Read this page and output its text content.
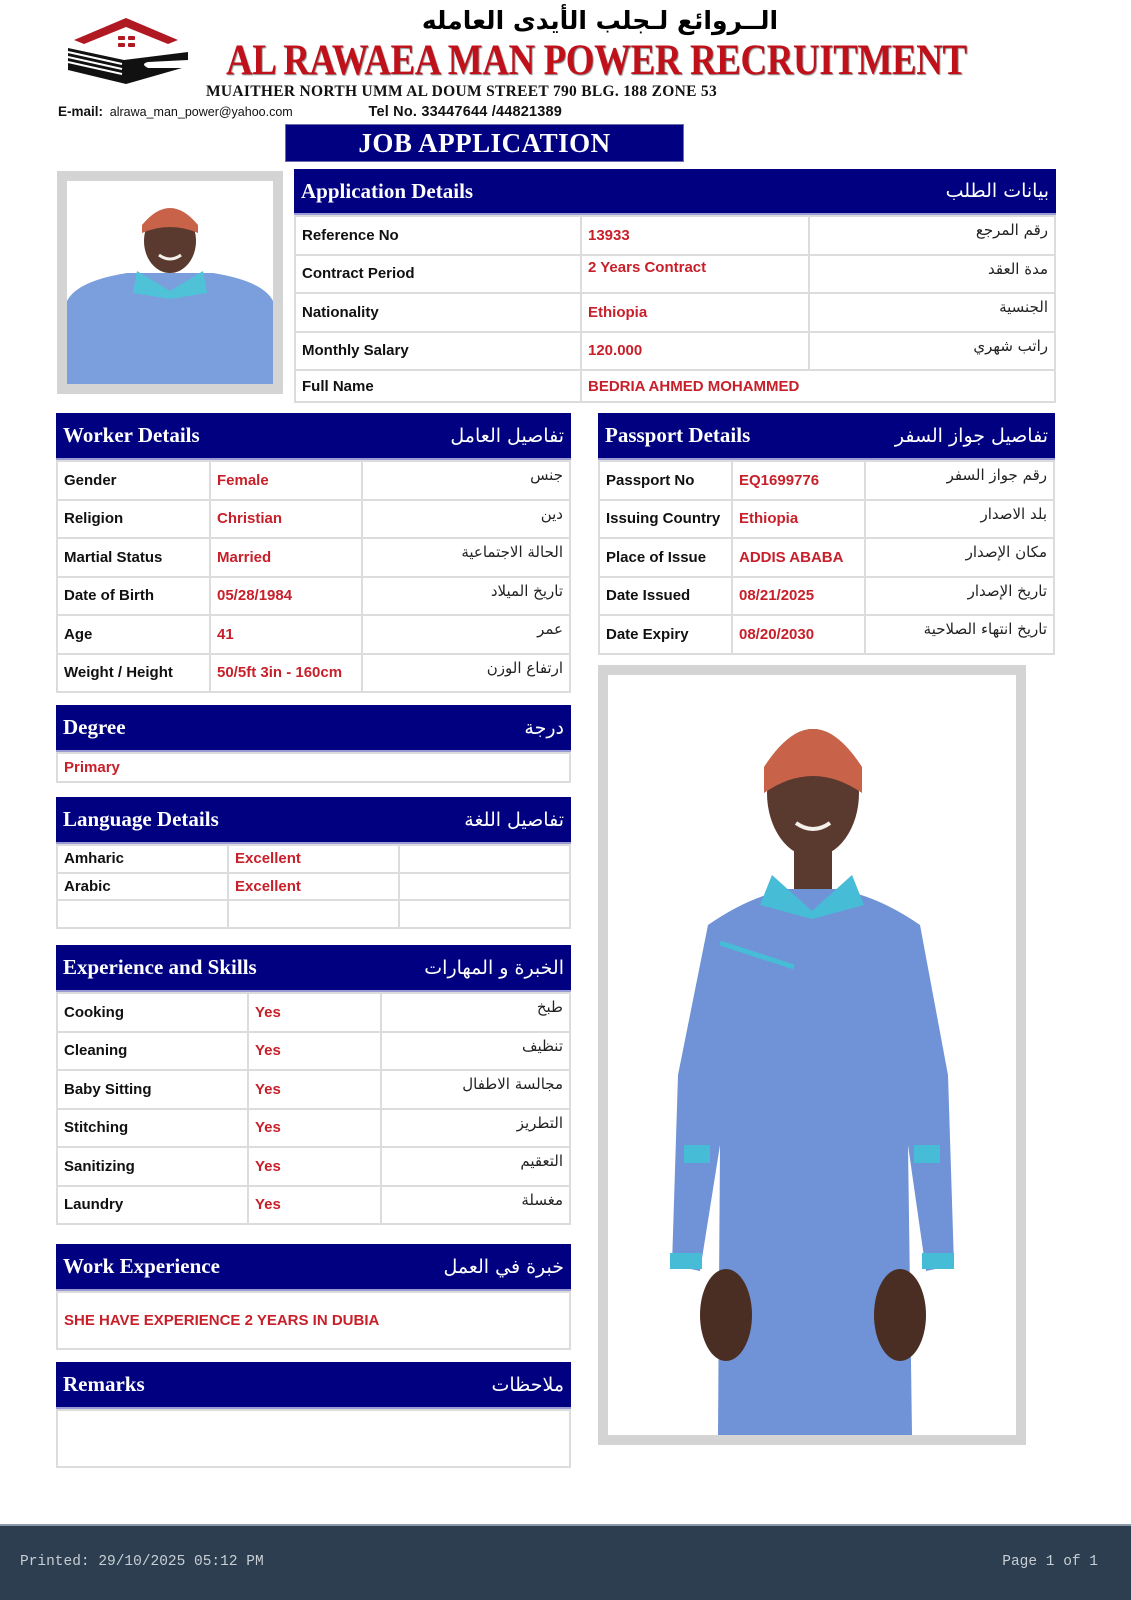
الــروائع لـجلب الأيدى العامله
AL RAWAEA MAN POWER RECRUITMENT
MUAITHER NORTH UMM AL DOUM STREET 790 BLG. 188 ZONE 53
E-mail: alrawa_man_power@yahoo.com	Tel No. 33447644 /44821389
JOB APPLICATION
Application Details	بيانات الطلب
Reference No	13933	رقم المرجع
Contract Period	2 Years Contract	مدة العقد
Nationality	Ethiopia	الجنسية
Monthly Salary	120.000	راتب شهري
Full Name	BEDRIA AHMED MOHAMMED	
Worker Details	تفاصيل العامل
Gender	Female	جنس
Religion	Christian	دين
Martial Status	Married	الحالة الاجتماعية
Date of Birth	05/28/1984	تاريخ الميلاد
Age	41	عمر
Weight / Height	50/5ft 3in - 160cm	ارتفاع الوزن
Passport Details	تفاصيل جواز السفر
Passport No	EQ1699776	رقم جواز السفر
Issuing Country	Ethiopia	بلد الاصدار
Place of Issue	ADDIS ABABA	مكان الإصدار
Date Issued	08/21/2025	تاريخ الإصدار
Date Expiry	08/20/2030	تاريخ انتهاء الصلاحية
Degree	درجة
Primary
Language Details	تفاصيل اللغة
Amharic	Excellent	
Arabic	Excellent	

Experience and Skills	الخبرة و المهارات
Cooking	Yes	طبخ
Cleaning	Yes	تنظيف
Baby Sitting	Yes	مجالسة الاطفال
Stitching	Yes	التطريز
Sanitizing	Yes	التعقيم
Laundry	Yes	مغسلة
Work Experience	خبرة في العمل
SHE HAVE EXPERIENCE 2 YEARS IN DUBIA
Remarks	ملاحظات
Printed: 29/10/2025 05:12 PM	Page 1 of 1
